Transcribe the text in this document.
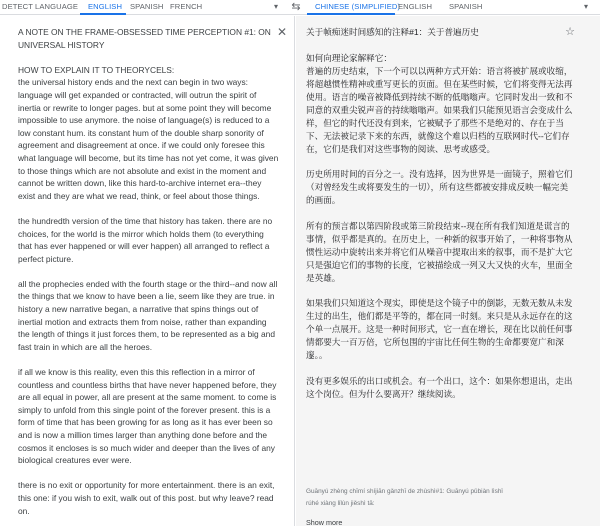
DETECT LANGUAGE ENGLISH SPANISH FRENCH	▾ ⇆	CHINESE (SIMPLIFIED)
ENGLISH SPANISH	▾

A NOTE ON THE FRAME-OBSESSED TIME PERCEPTION #1: ON UNIVERSAL HISTORY

HOW TO EXPLAIN IT TO THEORYCELS:
the universal history ends and the next can begin in two ways: language will get expanded or contracted, will outrun the spirit of inertia or rewrite to longer pages. but at some point they will become impossible to use anymore. the noise of language(s) is reduced to a low constant hum. its constant hum of the double sharp sonority of agreement and disagreement at once. if we could only foresee this what language will become, but its time has not yet come, it was given to those things which are not absolute and exist in the moment and cannot be written down, like this hard-to-archive internet era--they exist and they are what we read, think, or feel about those things.

the hundredth version of the time that history has taken. there are no choices, for the world is the mirror which holds them (to everything that has ever happened or will ever happen) all arranged to reflect a perfect picture.

all the prophecies ended with the fourth stage or the third--and now all the things that we know to have been a lie, seem like they are true. in history a new narrative began, a narrative that spins things out of inertial motion and extracts them from noise, rather than expanding the length of things it just forces them, to be represented as a big and fast train in which are all the heroes.

if all we know is this reality, even this this reflection in a mirror of countless and countless births that have never happened before, they are all equal in power, all are present at the same moment. to come is simply to unfold from this single point of the forever present. this is a form of time that has been growing for as long as it has ever been so and is now a million times larger than anything done before and the cosmos it encloses is so much wider and deeper than the lives of any biological creatures ever were.

there is no exit or opportunity for more entertainment. there is an exit, this one: if you wish to exit, walk out of this post. but why leave? read on.

✕ 关于帧痴迷时间感知的注释#1：关于普遍历史

如何向理论家解释它：
普遍的历史结束，下一个可以以两种方式开始：语言将被扩展或收缩，将超越惯性精神或重写更长的页面。但在某些时候，它们将变得无法再使用。语言的噪音被降低到持续不断的低嗡嗡声。它同时发出一致和不同意的双重尖锐声音的持续嗡嗡声。如果我们只能预见语言会变成什么样，但它的时代还没有到来，它被赋予了那些不是绝对的、存在于当下、无法被记录下来的东西，就像这个难以归档的互联网时代--它们存在，它们是我们对这些事物的阅读、思考或感受。

历史所用时间的百分之一。没有选择，因为世界是一面镜子，照着它们（对曾经发生或将要发生的一切），所有这些都被安排成反映一幅完美的画面。

所有的预言都以第四阶段或第三阶段结束--现在所有我们知道是谎言的事情，似乎都是真的。在历史上，一种新的叙事开始了，一种将事物从惯性运动中旋转出来并将它们从噪音中提取出来的叙事，而不是扩大它只是强迫它们的事物的长度，它被描绘成一列又大又快的火车，里面全是英雄。

如果我们只知道这个现实，即使是这个镜子中的倒影，无数无数从未发生过的出生，他们都是平等的，都在同一时刻。来只是从永远存在的这个单一点展开。这是一种时间形式，它一直在增长，现在比以前任何事情都要大一百万倍，它所包围的宇宙比任何生物的生命都要宽广和深邃。。

没有更多娱乐的出口或机会。有一个出口，这个：如果你想退出，走出这个岗位。但为什么要离开？继续阅读。

☆
Guānyú zhèng chīmí shíjiān gǎnzhī de zhùshì#1: Guānyú pǔbiàn lìshǐ
rúhé xiàng lǐlùn jiěshì tā:
Show more
